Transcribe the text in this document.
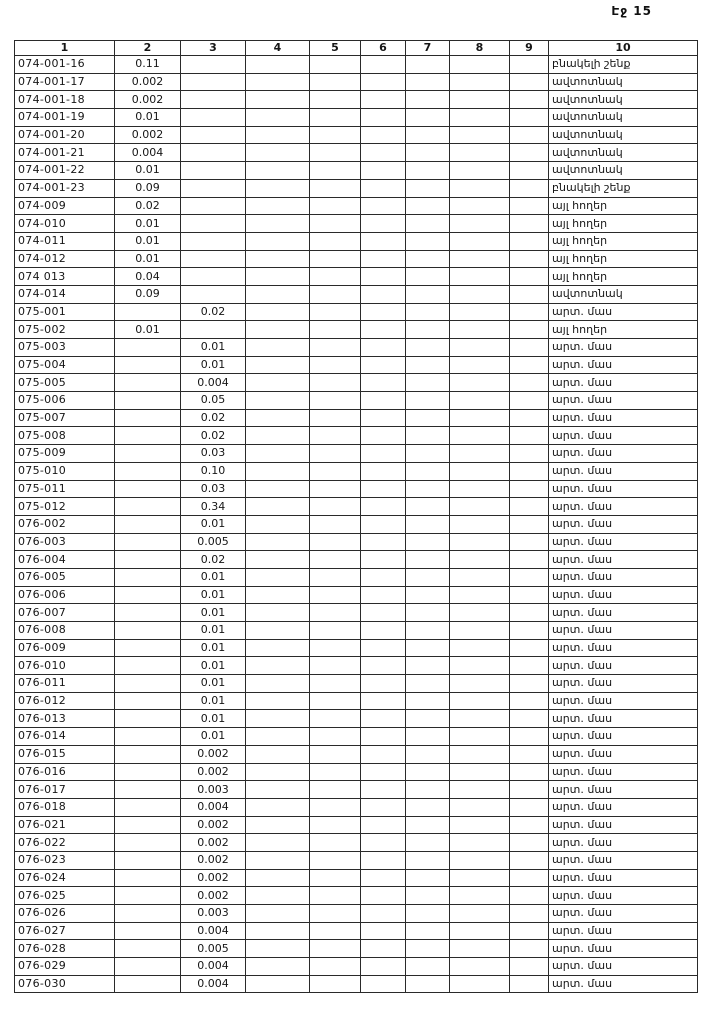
Էջ 15
1	2	3	4	5	6	7	8	9	10
074-001-16	0.11								բնակելի շենք
074-001-17	0.002								ավտոտնակ
074-001-18	0.002								ավտոտնակ
074-001-19	0.01								ավտոտնակ
074-001-20	0.002								ավտոտնակ
074-001-21	0.004								ավտոտնակ
074-001-22	0.01								ավտոտնակ
074-001-23	0.09								բնակելի շենք
074-009	0.02								այլ հողեր
074-010	0.01								այլ հողեր
074-011	0.01								այլ հողեր
074-012	0.01								այլ հողեր
074 013	0.04								այլ հողեր
074-014	0.09								ավտոտնակ
075-001		0.02							արտ. մաս
075-002	0.01								այլ հողեր
075-003		0.01							արտ. մաս
075-004		0.01							արտ. մաս
075-005		0.004							արտ. մաս
075-006		0.05							արտ. մաս
075-007		0.02							արտ. մաս
075-008		0.02							արտ. մաս
075-009		0.03							արտ. մաս
075-010		0.10							արտ. մաս
075-011		0.03							արտ. մաս
075-012		0.34							արտ. մաս
076-002		0.01							արտ. մաս
076-003		0.005							արտ. մաս
076-004		0.02							արտ. մաս
076-005		0.01							արտ. մաս
076-006		0.01							արտ. մաս
076-007		0.01							արտ. մաս
076-008		0.01							արտ. մաս
076-009		0.01							արտ. մաս
076-010		0.01							արտ. մաս
076-011		0.01							արտ. մաս
076-012		0.01							արտ. մաս
076-013		0.01							արտ. մաս
076-014		0.01							արտ. մաս
076-015		0.002							արտ. մաս
076-016		0.002							արտ. մաս
076-017		0.003							արտ. մաս
076-018		0.004							արտ. մաս
076-021		0.002							արտ. մաս
076-022		0.002							արտ. մաս
076-023		0.002							արտ. մաս
076-024		0.002							արտ. մաս
076-025		0.002							արտ. մաս
076-026		0.003							արտ. մաս
076-027		0.004							արտ. մաս
076-028		0.005							արտ. մաս
076-029		0.004							արտ. մաս
076-030		0.004							արտ. մաս
